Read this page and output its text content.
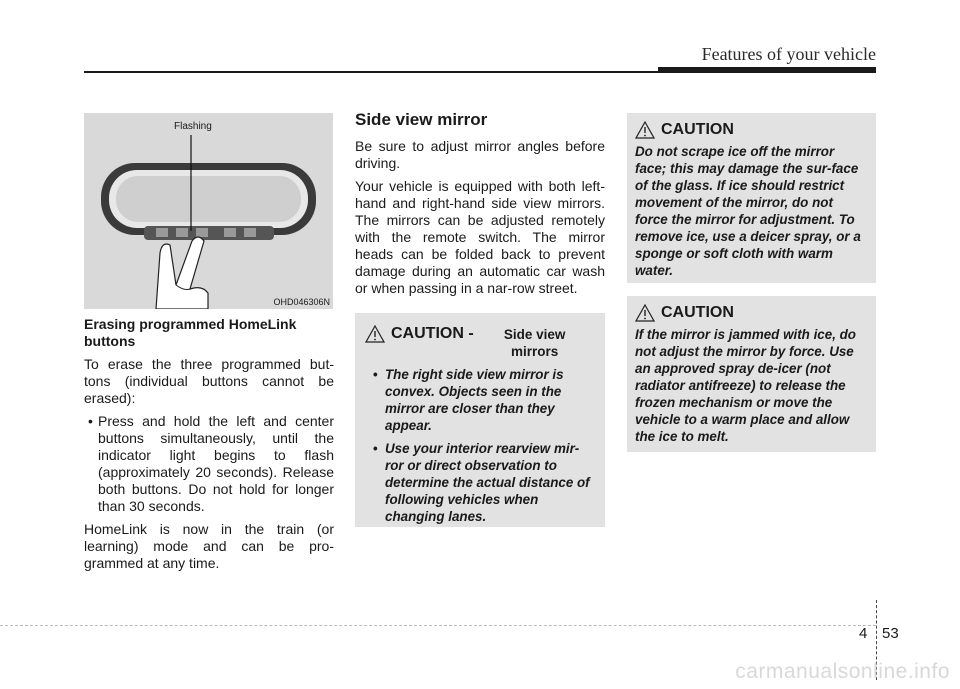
Features of your vehicle
Flashing
OHD046306N

Erasing programmed HomeLink buttons

To erase the three programmed but-tons (individual buttons cannot be erased):

• Press and hold the left and center buttons simultaneously, until the indicator light begins to flash (approximately 20 seconds). Release both buttons. Do not hold for longer than 30 seconds.

HomeLink is now in the train (or learning) mode and can be pro-grammed at any time.

Side view mirror

Be sure to adjust mirror angles before driving.

Your vehicle is equipped with both left-hand and right-hand side view mirrors. The mirrors can be adjusted remotely with the remote switch. The mirror heads can be folded back to prevent damage during an automatic car wash or when passing in a nar-row street.

CAUTION -	Side view mirrors
• The right side view mirror is convex. Objects seen in the mirror are closer than they appear.
• Use your interior rearview mir-ror or direct observation to determine the actual distance of following vehicles when changing lanes.
CAUTION
Do not scrape ice off the mirror face; this may damage the sur-face of the glass. If ice should restrict movement of the mirror, do not force the mirror for adjustment. To remove ice, use a deicer spray, or a sponge or soft cloth with warm water.
CAUTION
If the mirror is jammed with ice, do not adjust the mirror by force. Use an approved spray de-icer (not radiator antifreeze) to release the frozen mechanism or move the vehicle to a warm place and allow the ice to melt.
4 53
carmanualsonline.info
